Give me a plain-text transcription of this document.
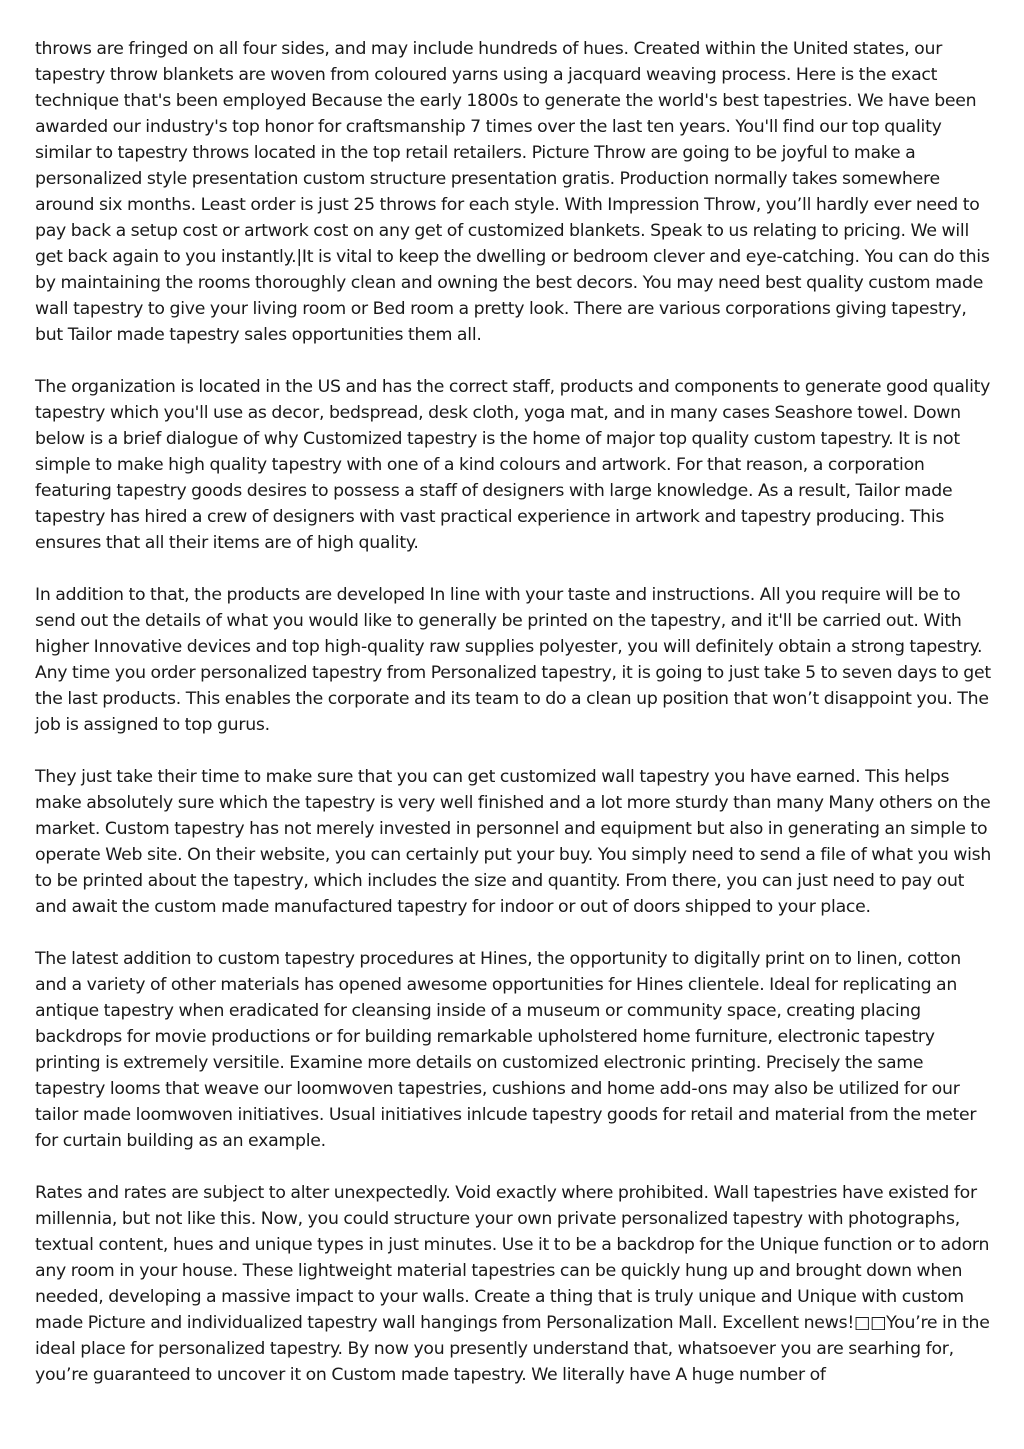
throws are fringed on all four sides, and may include hundreds of hues. Created within the United states, our tapestry throw blankets are woven from coloured yarns using a jacquard weaving process. Here is the exact technique that's been employed Because the early 1800s to generate the world's best tapestries. We have been awarded our industry's top honor for craftsmanship 7 times over the last ten years. You'll find our top quality similar to tapestry throws located in the top retail retailers. Picture Throw are going to be joyful to make a personalized style presentation custom structure presentation gratis. Production normally takes somewhere around six months. Least order is just 25 throws for each style. With Impression Throw, you’ll hardly ever need to pay back a setup cost or artwork cost on any get of customized blankets. Speak to us relating to pricing. We will get back again to you instantly.|It is vital to keep the dwelling or bedroom clever and eye-catching. You can do this by maintaining the rooms thoroughly clean and owning the best decors. You may need best quality custom made wall tapestry to give your living room or Bed room a pretty look. There are various corporations giving tapestry, but Tailor made tapestry sales opportunities them all.

The organization is located in the US and has the correct staff, products and components to generate good quality tapestry which you'll use as decor, bedspread, desk cloth, yoga mat, and in many cases Seashore towel. Down below is a brief dialogue of why Customized tapestry is the home of major top quality custom tapestry. It is not simple to make high quality tapestry with one of a kind colours and artwork. For that reason, a corporation featuring tapestry goods desires to possess a staff of designers with large knowledge. As a result, Tailor made tapestry has hired a crew of designers with vast practical experience in artwork and tapestry producing. This ensures that all their items are of high quality.

In addition to that, the products are developed In line with your taste and instructions. All you require will be to send out the details of what you would like to generally be printed on the tapestry, and it'll be carried out. With higher Innovative devices and top high-quality raw supplies polyester, you will definitely obtain a strong tapestry. Any time you order personalized tapestry from Personalized tapestry, it is going to just take 5 to seven days to get the last products. This enables the corporate and its team to do a clean up position that won’t disappoint you. The job is assigned to top gurus.

They just take their time to make sure that you can get customized wall tapestry you have earned. This helps make absolutely sure which the tapestry is very well finished and a lot more sturdy than many Many others on the market. Custom tapestry has not merely invested in personnel and equipment but also in generating an simple to operate Web site. On their website, you can certainly put your buy. You simply need to send a file of what you wish to be printed about the tapestry, which includes the size and quantity. From there, you can just need to pay out and await the custom made manufactured tapestry for indoor or out of doors shipped to your place.

The latest addition to custom tapestry procedures at Hines, the opportunity to digitally print on to linen, cotton and a variety of other materials has opened awesome opportunities for Hines clientele. Ideal for replicating an antique tapestry when eradicated for cleansing inside of a museum or community space, creating placing backdrops for movie productions or for building remarkable upholstered home furniture, electronic tapestry printing is extremely versitile. Examine more details on customized electronic printing. Precisely the same tapestry looms that weave our loomwoven tapestries, cushions and home add-ons may also be utilized for our tailor made loomwoven initiatives. Usual initiatives inlcude tapestry goods for retail and material from the meter for curtain building as an example.

Rates and rates are subject to alter unexpectedly. Void exactly where prohibited. Wall tapestries have existed for millennia, but not like this. Now, you could structure your own private personalized tapestry with photographs, textual content, hues and unique types in just minutes. Use it to be a backdrop for the Unique function or to adorn any room in your house. These lightweight material tapestries can be quickly hung up and brought down when needed, developing a massive impact to your walls. Create a thing that is truly unique and Unique with custom made Picture and individualized tapestry wall hangings from Personalization Mall. Excellent news!□□You’re in the ideal place for personalized tapestry. By now you presently understand that, whatsoever you are searhing for, you’re guaranteed to uncover it on Custom made tapestry. We literally have A huge number of
